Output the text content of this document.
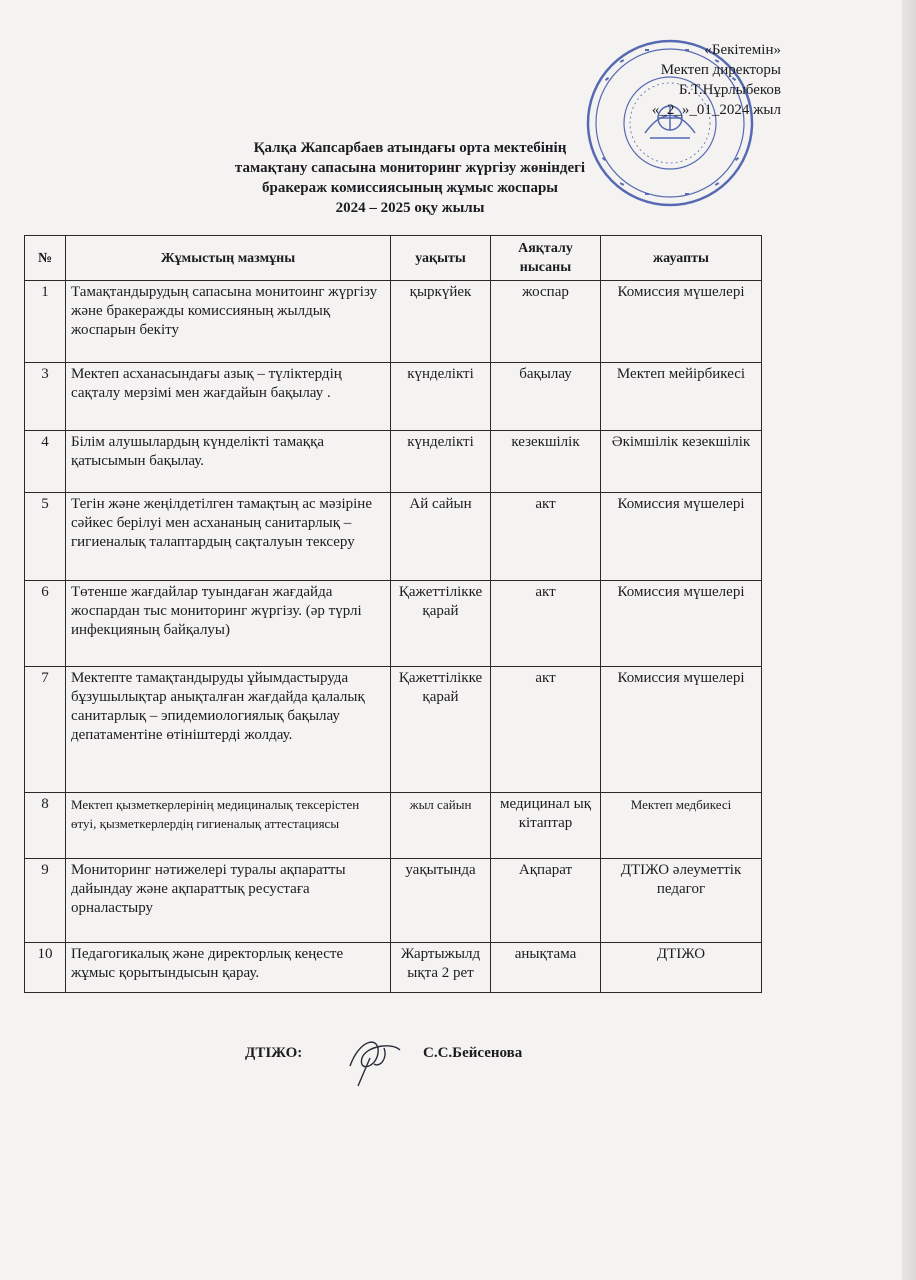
«Бекітемін»
Мектеп директоры
Б.Т.Нұрлыбеков
«_2_»_01_2024 жыл
Қалқа Жапсарбаев атындағы орта мектебінің
тамақтану сапасына мониторинг жүргізу жөніндегі
бракераж комиссиясының жұмыс жоспары
2024 – 2025 оқу жылы
№	Жұмыстың мазмұны	уақыты	Аяқталу нысаны	жауапты
1	Тамақтандырудың сапасына монитоинг жүргізу және бракеражды комиссияның жылдық жоспарын бекіту	қыркүйек	жоспар	Комиссия мүшелері
3	Мектеп асханасындағы азық – түліктердің сақталу мерзімі мен жағдайын бақылау .	күнделікті	бақылау	Мектеп мейірбикесі
4	Білім алушылардың күнделікті тамаққа қатысымын бақылау.	күнделікті	кезекшілік	Әкімшілік кезекшілік
5	Тегін және жеңілдетілген тамақтың ас мәзіріне сәйкес берілуі мен асхананың санитарлық – гигиеналық талаптардың сақталуын тексеру	Ай сайын	акт	Комиссия мүшелері
6	Төтенше жағдайлар туындаған жағдайда жоспардан тыс мониторинг жүргізу. (әр түрлі инфекцияның байқалуы)	Қажеттілікке қарай	акт	Комиссия мүшелері
7	Мектепте тамақтандыруды ұйымдастыруда бұзушылықтар анықталған жағдайда қалалық санитарлық – эпидемиологиялық бақылау депатаментіне өтініштерді жолдау.	Қажеттілікке қарай	акт	Комиссия мүшелері
8	Мектеп қызметкерлерінің медициналық тексерістен өтуі, қызметкерлердің гигиеналық аттестациясы	жыл сайын	медицинал ық кітаптар	Мектеп медбикесі
9	Мониторинг нәтижелері туралы ақпаратты дайындау және ақпараттық ресустаға орналастыру	уақытында	Ақпарат	ДТІЖО әлеуметтік педагог
10	Педагогикалық және директорлық кеңесте жұмыс қорытындысын қарау.	Жартыжылд ықта 2 рет	анықтама	ДТІЖО
ДТІЖО:	С.С.Бейсенова
